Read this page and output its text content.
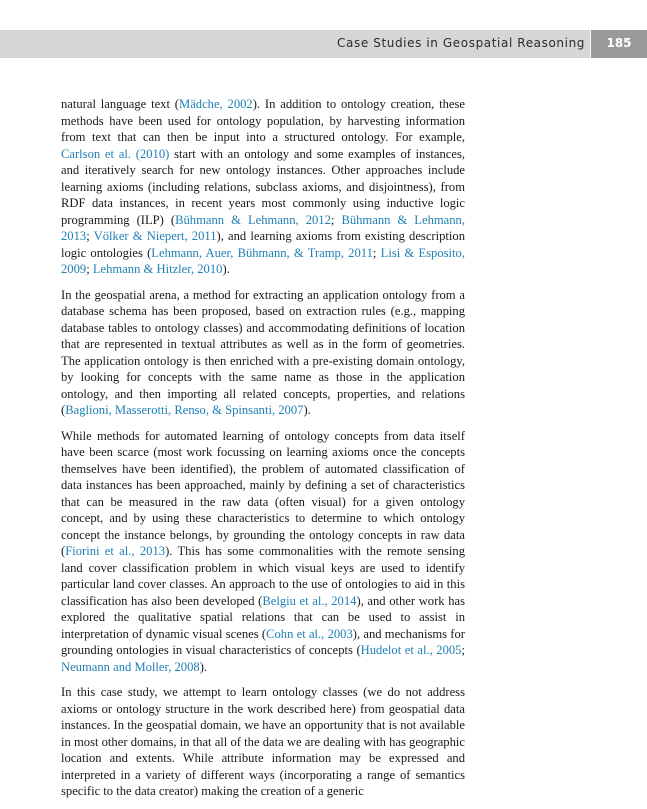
Case Studies in Geospatial Reasoning	185

natural language text (Mädche, 2002). In addition to ontology creation, these methods have been used for ontology population, by harvesting information from text that can then be input into a structured ontology. For example, Carlson et al. (2010) start with an ontology and some examples of instances, and iteratively search for new ontology instances. Other approaches include learning axioms (including relations, subclass axioms, and disjointness), from RDF data instances, in recent years most commonly using inductive logic programming (ILP) (Bühmann & Lehmann, 2012; Bühmann & Lehmann, 2013; Völker & Niepert, 2011), and learning axioms from existing description logic ontologies (Lehmann, Auer, Bühmann, & Tramp, 2011; Lisi & Esposito, 2009; Lehmann & Hitzler, 2010).

In the geospatial arena, a method for extracting an application ontology from a database schema has been proposed, based on extraction rules (e.g., mapping database tables to ontology classes) and accommodating definitions of location that are represented in textual attributes as well as in the form of geometries. The application ontology is then enriched with a pre-existing domain ontology, by looking for concepts with the same name as those in the application ontology, and then importing all related concepts, properties, and relations (Baglioni, Masserotti, Renso, & Spinsanti, 2007).

While methods for automated learning of ontology concepts from data itself have been scarce (most work focussing on learning axioms once the concepts themselves have been identified), the problem of automated classification of data instances has been approached, mainly by defining a set of characteristics that can be measured in the raw data (often visual) for a given ontology concept, and by using these characteristics to determine to which ontology concept the instance belongs, by grounding the ontology concepts in raw data (Fiorini et al., 2013). This has some commonalities with the remote sensing land cover classification problem in which visual keys are used to identify particular land cover classes. An approach to the use of ontologies to aid in this classification has also been developed (Belgiu et al., 2014), and other work has explored the qualitative spatial relations that can be used to assist in interpretation of dynamic visual scenes (Cohn et al., 2003), and mechanisms for grounding ontologies in visual characteristics of concepts (Hudelot et al., 2005; Neumann and Moller, 2008).

In this case study, we attempt to learn ontology classes (we do not address axioms or ontology structure in the work described here) from geospatial data instances. In the geospatial domain, we have an opportunity that is not available in most other domains, in that all of the data we are dealing with has geographic location and extents. While attribute information may be expressed and interpreted in a variety of different ways (incorporating a range of semantics specific to the data creator) making the creation of a generic
